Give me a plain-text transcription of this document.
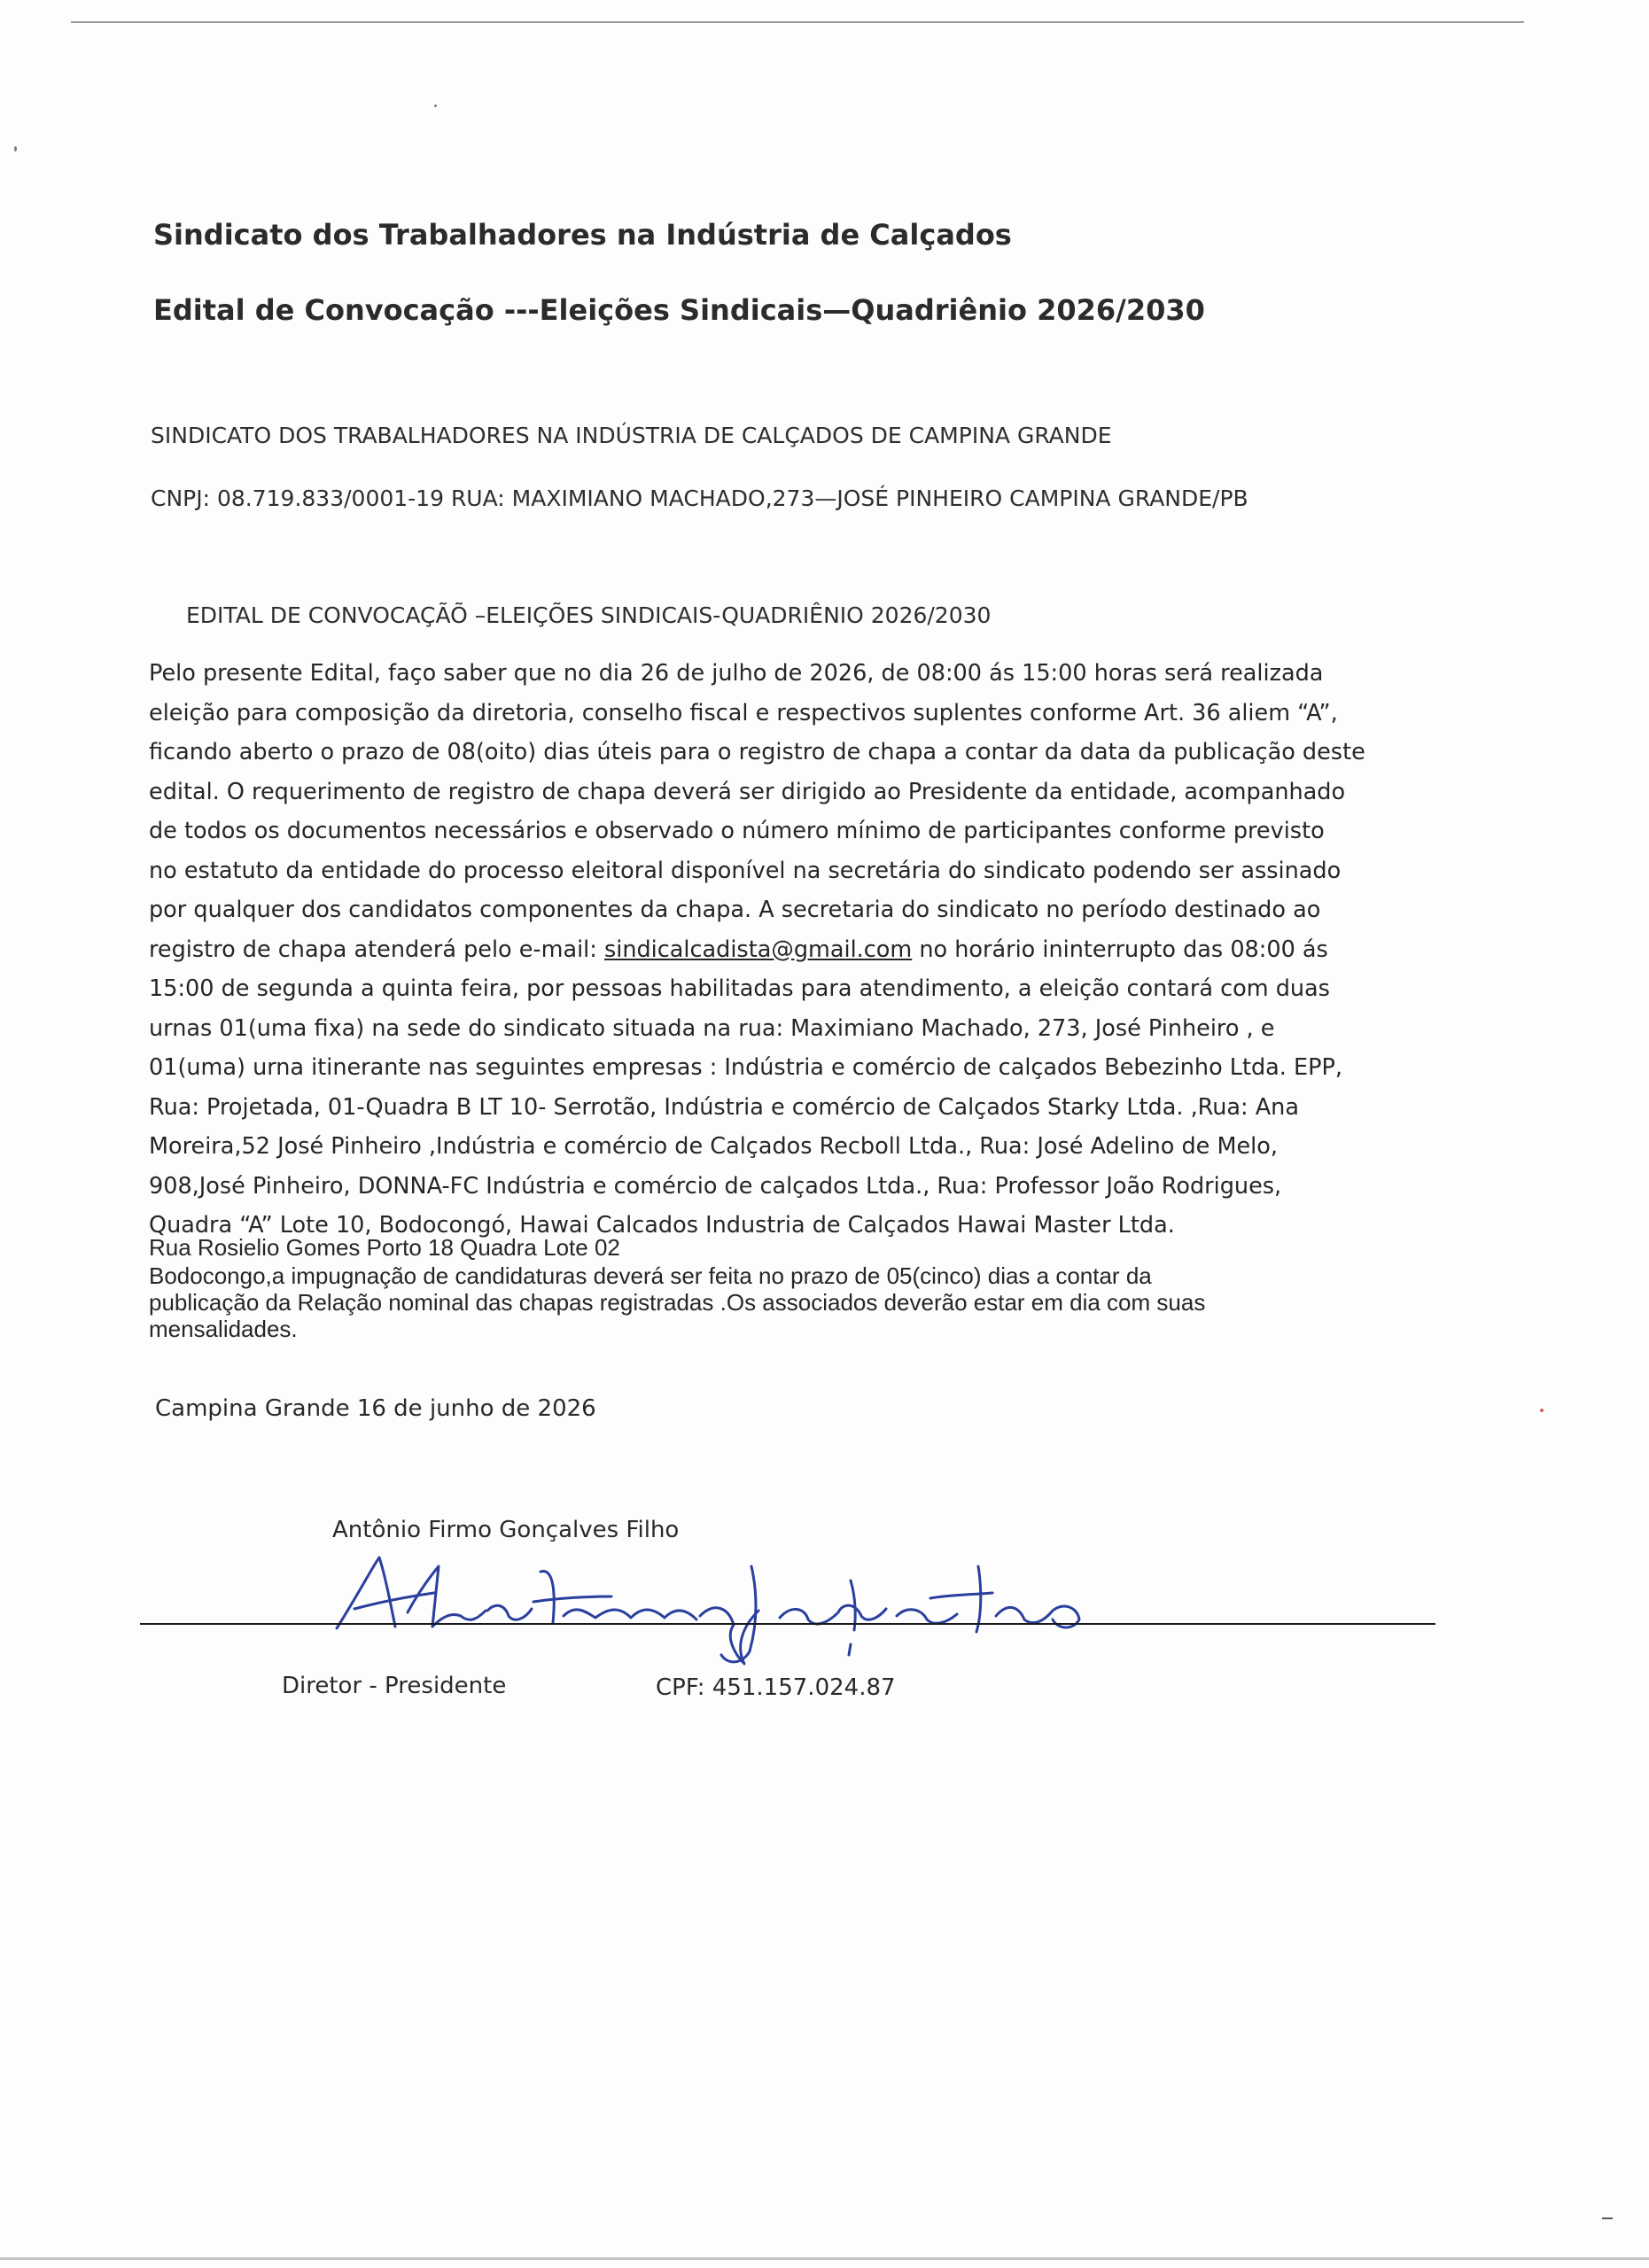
Sindicato dos Trabalhadores na Indústria de Calçados
Edital de Convocação ---Eleições Sindicais—Quadriênio 2026/2030

SINDICATO DOS TRABALHADORES NA INDÚSTRIA DE CALÇADOS DE CAMPINA GRANDE

CNPJ: 08.719.833/0001-19 RUA: MAXIMIANO MACHADO,273—JOSÉ PINHEIRO CAMPINA GRANDE/PB

EDITAL DE CONVOCAÇÃÕ –ELEIÇÕES SINDICAIS-QUADRIÊNIO 2026/2030

Pelo presente Edital, faço saber que no dia 26 de julho de 2026, de 08:00 ás 15:00 horas será realizada
eleição para composição da diretoria, conselho fiscal e respectivos suplentes conforme Art. 36 aliem “A”,
ficando aberto o prazo de 08(oito) dias úteis para o registro de chapa a contar da data da publicação deste
edital. O requerimento de registro de chapa deverá ser dirigido ao Presidente da entidade, acompanhado
de todos os documentos necessários e observado o número mínimo de participantes conforme previsto
no estatuto da entidade do processo eleitoral disponível na secretária do sindicato podendo ser assinado
por qualquer dos candidatos componentes da chapa. A secretaria do sindicato no período destinado ao
registro de chapa atenderá pelo e-mail: sindicalcadista@gmail.com no horário ininterrupto das 08:00 ás
15:00 de segunda a quinta feira, por pessoas habilitadas para atendimento, a eleição contará com duas
urnas 01(uma fixa) na sede do sindicato situada na rua: Maximiano Machado, 273, José Pinheiro , e
01(uma) urna itinerante nas seguintes empresas : Indústria e comércio de calçados Bebezinho Ltda. EPP,
Rua: Projetada, 01-Quadra B LT 10- Serrotão, Indústria e comércio de Calçados Starky Ltda. ,Rua: Ana
Moreira,52 José Pinheiro ,Indústria e comércio de Calçados Recboll Ltda., Rua: José Adelino de Melo,
908,José Pinheiro, DONNA-FC Indústria e comércio de calçados Ltda., Rua: Professor João Rodrigues,
Quadra “A” Lote 10, Bodocongó, Hawai Calcados Industria de Calçados Hawai Master Ltda.
Rua Rosielio Gomes Porto 18 Quadra Lote 02
Bodocongo,a impugnação de candidaturas deverá ser feita no prazo de 05(cinco) dias a contar da
publicação da Relação nominal das chapas registradas .Os associados deverão estar em dia com suas
mensalidades.

Campina Grande 16 de junho de 2026

Antônio Firmo Gonçalves Filho

Diretor - Presidente	CPF: 451.157.024.87
